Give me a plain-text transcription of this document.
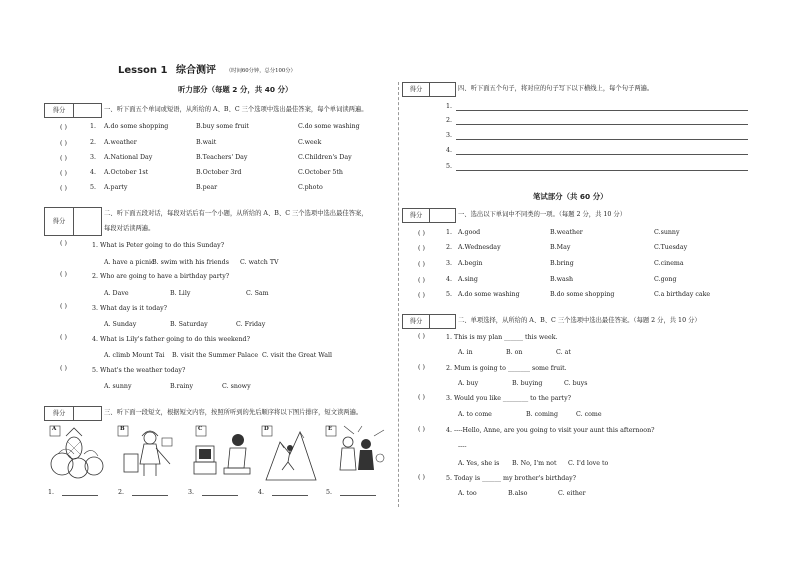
Lesson 1 综合测评 （时间60分钟，总分100分）
听力部分（每题 2 分，共 40 分）
得分	一、听下面五个单词或短语，从所给的 A、B、C 三个选项中选出最佳答案，每个单词读两遍。
( )	1. A.do some shopping	B.buy some fruit	C.do some washing
( )	2. A.weather	B.wait	C.week
( )	3. A.National Day	B.Teachers' Day	C.Children's Day
( )	4. A.October 1st	B.October 3rd	C.October 5th
( )	5. A.party	B.pear	C.photo
得分
二、听下面五段对话，每段对话后有一个小题，从所给的 A、B、C 三个选项中选出最佳答案，
每段对话读两遍。
( )	1. What is Peter going to do this Sunday?
A. have a picnic
B. swim with his friends C. watch TV
( )	2. Who are going to have a birthday party?
A. Dave	B. Lily	C. Sam
( )	3. What day is it today?
A. Sunday	B. Saturday	C. Friday
( )	4. What is Lily's father going to do this weekend?
A. climb Mount Tai B. visit the Summer Palace C. visit the Great Wall
( )	5. What's the weather today?
A. sunny	B.rainy	C. snowy
得分	三、听下面一段短文，根据短文内容，按照所听到的先后顺序将以下图片排序，短文读两遍。
A	B	C	D	E
1.	2.	3.	4.	5.
得分	四、听下面五个句子，将对应的句子写下以下横线上，每个句子两遍。
1.
2.
3.
4.
5.
笔试部分（共 60 分）
得分	一、选出以下单词中不同类的一项。（每题 2 分，共 10 分）
( )	1. A.good	B.weather	C.sunny
( )	2. A.Wednesday	B.May	C.Tuesday
( )	3. A.begin	B.bring	C.cinema
( )	4. A.sing	B.wash	C.gong
( )	5. A.do some washing	B.do some shopping	C.a birthday cake
得分	二、单项选择，从所给的 A、B、C 三个选项中选出最佳答案。（每题 2 分，共 10 分）
( )	1. This is my plan ______ this week.
A. in	B. on	C. at
( )	2. Mum is going to _______ some fruit.
A. buy	B. buying	C. buys
( )	3. Would you like ________ to the party?
A. to come	B. coming	C. come
( )	4. ----Hello, Anne, are you going to visit your aunt this afternoon?
----
A. Yes, she is B. No, I'm not C. I'd love to
( )	5. Today is ______ my brother's birthday?
A. too	B.also	C. either
